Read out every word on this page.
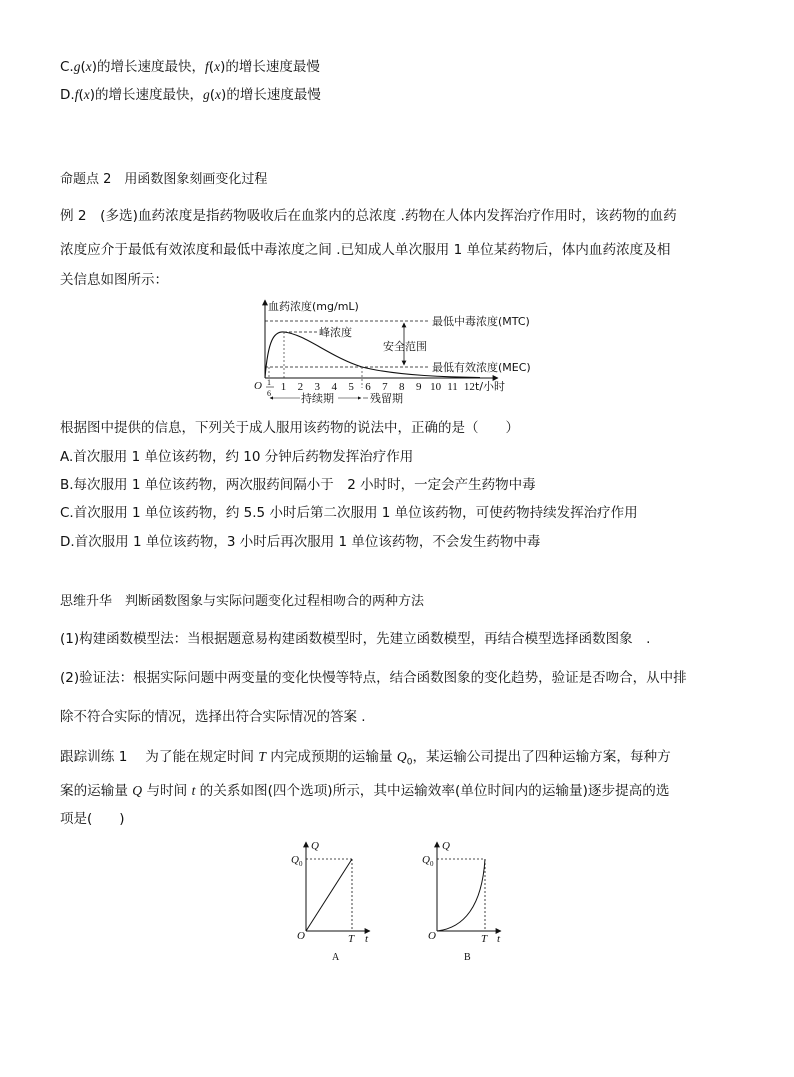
C.g(x)的增长速度最快，f(x)的增长速度最慢
D.f(x)的增长速度最快，g(x)的增长速度最慢
命题点 2　 用函数图象刻画变化过程
例 2　(多选)血药浓度是指药物吸收后在血浆内的总浓度 .药物在人体内发挥治疗作用时，该药物的血药
浓度应介于最低有效浓度和最低中毒浓度之间 .已知成人单次服用 1 单位某药物后，体内血药浓度及相
关信息如图所示：
血药浓度(mg/mL)
峰浓度
最低中毒浓度(MTC)
最低有效浓度(MEC)
安全范围
O	t/小时
1 2 3 4 5 6 7 8 9 10 11 12
1
6	持续期	残留期
根据图中提供的信息，下列关于成人服用该药物的说法中，正确的是（　　）
A.首次服用 1 单位该药物，约 10 分钟后药物发挥治疗作用
B.每次服用 1 单位该药物，两次服药间隔小于　2 小时时，一定会产生药物中毒
C.首次服用 1 单位该药物，约 5.5 小时后第二次服用 1 单位该药物，可使药物持续发挥治疗作用
D.首次服用 1 单位该药物，3 小时后再次服用 1 单位该药物，不会发生药物中毒
思维升华　判断函数图象与实际问题变化过程相吻合的两种方法
(1)构建函数模型法：当根据题意易构建函数模型时，先建立函数模型，再结合模型选择函数图象　.
(2)验证法：根据实际问题中两变量的变化快慢等特点，结合函数图象的变化趋势，验证是否吻合，从中排
除不符合实际的情况，选择出符合实际情况的答案 .
跟踪训练 1　 为了能在规定时间 T 内完成预期的运输量 $Q_0$，某运输公司提出了四种运输方案，每种方
案的运输量 Q 与时间 t 的关系如图(四个选项)所示，其中运输效率(单位时间内的运输量)逐步提高的选
项是(　　)
Q
Q 0
O	T t
A
Q
Q 0
O	T t
B
